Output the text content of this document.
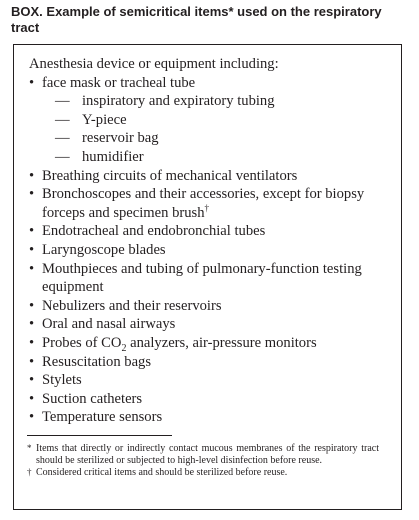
BOX. Example of semicritical items* used on the respiratory tract

Anesthesia device or equipment including:

• face mask or tracheal tube
— inspiratory and expiratory tubing
— Y-piece
— reservoir bag
— humidifier
• Breathing circuits of mechanical ventilators
• Bronchoscopes and their accessories, except for biopsy forceps and specimen brush†
• Endotracheal and endobronchial tubes
• Laryngoscope blades
• Mouthpieces and tubing of pulmonary-function testing equipment
• Nebulizers and their reservoirs
• Oral and nasal airways
• Probes of $CO_2$ analyzers, air-pressure monitors
• Resuscitation bags
• Stylets
• Suction catheters
• Temperature sensors

* Items that directly or indirectly contact mucous membranes of the respiratory tract should be sterilized or subjected to high-level disinfection before reuse.

† Considered critical items and should be sterilized before reuse.
